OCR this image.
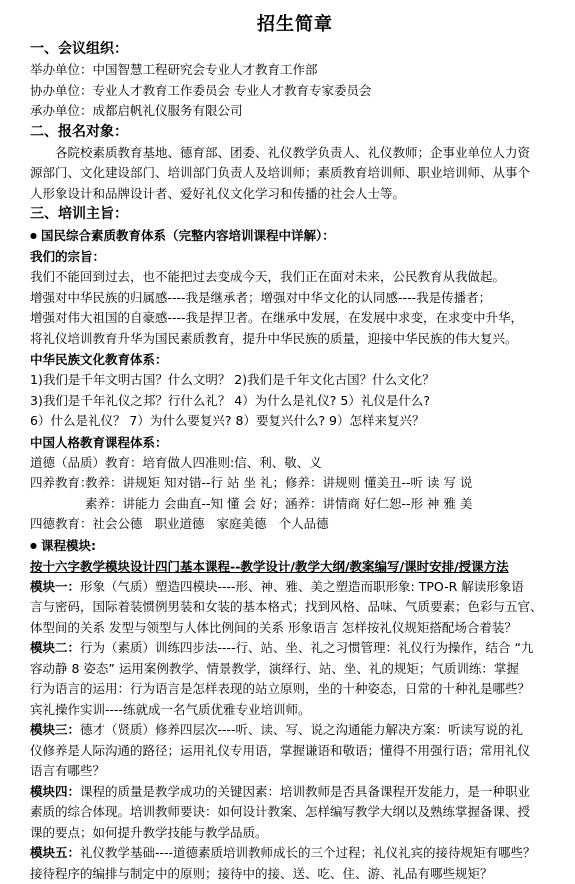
招生简章
一、会议组织：
举办单位：中国智慧工程研究会专业人才教育工作部
协办单位：专业人才教育工作委员会 专业人才教育专家委员会
承办单位：成都启帆礼仪服务有限公司
二、报名对象：
各院校素质教育基地、德育部、团委、礼仪教学负责人、礼仪教师；企事业单位人力资
源部门、文化建设部门、培训部门负责人及培训师；素质教育培训师、职业培训师、从事个
人形象设计和品牌设计者、爱好礼仪文化学习和传播的社会人士等。
三、培训主旨：
● 国民综合素质教育体系（完整内容培训课程中详解）：
我们的宗旨：
我们不能回到过去，也不能把过去变成今天，我们正在面对未来，公民教育从我做起。
增强对中华民族的归属感----我是继承者；增强对中华文化的认同感----我是传播者；
增强对伟大祖国的自豪感----我是捍卫者。在继承中发展，在发展中求变，在求变中升华，
将礼仪培训教育升华为国民素质教育，提升中华民族的质量，迎接中华民族的伟大复兴。
中华民族文化教育体系：
1)我们是千年文明古国？什么文明？ 2)我们是千年文化古国？什么文化？
3)我们是千年礼仪之邦？行什么礼？ 4）为什么是礼仪? 5）礼仪是什么?
6）什么是礼仪？ 7）为什么要复兴? 8）要复兴什么? 9）怎样来复兴？
中国人格教育课程体系：
道德（品质）教育：培育做人四准则:信、利、敬、义
四养教育：教养：讲规矩 知对错--行 站 坐 礼；修养：讲规则 懂美丑--听 读 写 说
素养：讲能力 会曲直--知 懂 会 好；涵养：讲情商 好仁恕--形 神 雅 美
四德教育：社会公德 职业道德 家庭美德 个人品德
● 课程模块:
按十六字教学模块设计四门基本课程--教学设计/教学大纲/教案编写/课时安排/授课方法
模块一：形象（气质）塑造四模块----形、神、雅、美之塑造而职形象: TPO-R 解读形象语
言与密码，国际着装惯例男装和女装的基本格式；找到风格、品味、气质要素；色彩与五官、
体型间的关系 发型与领型与人体比例间的关系 形象语言 怎样按礼仪规矩搭配场合着装？
模块二：行为（素质）训练四步法----行、站、坐、礼之习惯管理：礼仪行为操作，结合 “九
容动静 8 姿态” 运用案例教学、情景教学，演绎行、站、坐、礼的规矩；气质训练：掌握
行为语言的运用：行为语言是怎样表现的站立原则，坐的十种姿态，日常的十种礼是哪些？
宾礼操作实训----练就成一名气质优雅专业培训师。
模块三：德才（贤质）修养四层次----听、读、写、说之沟通能力解决方案：听读写说的礼
仪修养是人际沟通的路径；运用礼仪专用语，掌握谦语和敬语；懂得不用强行语；常用礼仪
语言有哪些？
模块四：课程的质量是教学成功的关键因素：培训教师是否具备课程开发能力，是一种职业
素质的综合体现。培训教师要诀：如何设计教案、怎样编写教学大纲以及熟练掌握备课、授
课的要点；如何提升教学技能与教学品质。
模块五：礼仪教学基础----道德素质培训教师成长的三个过程；礼仪礼宾的接待规矩有哪些？
接待程序的编排与制定中的原则；接待中的接、送、吃、住、游、礼品有哪些规矩？
